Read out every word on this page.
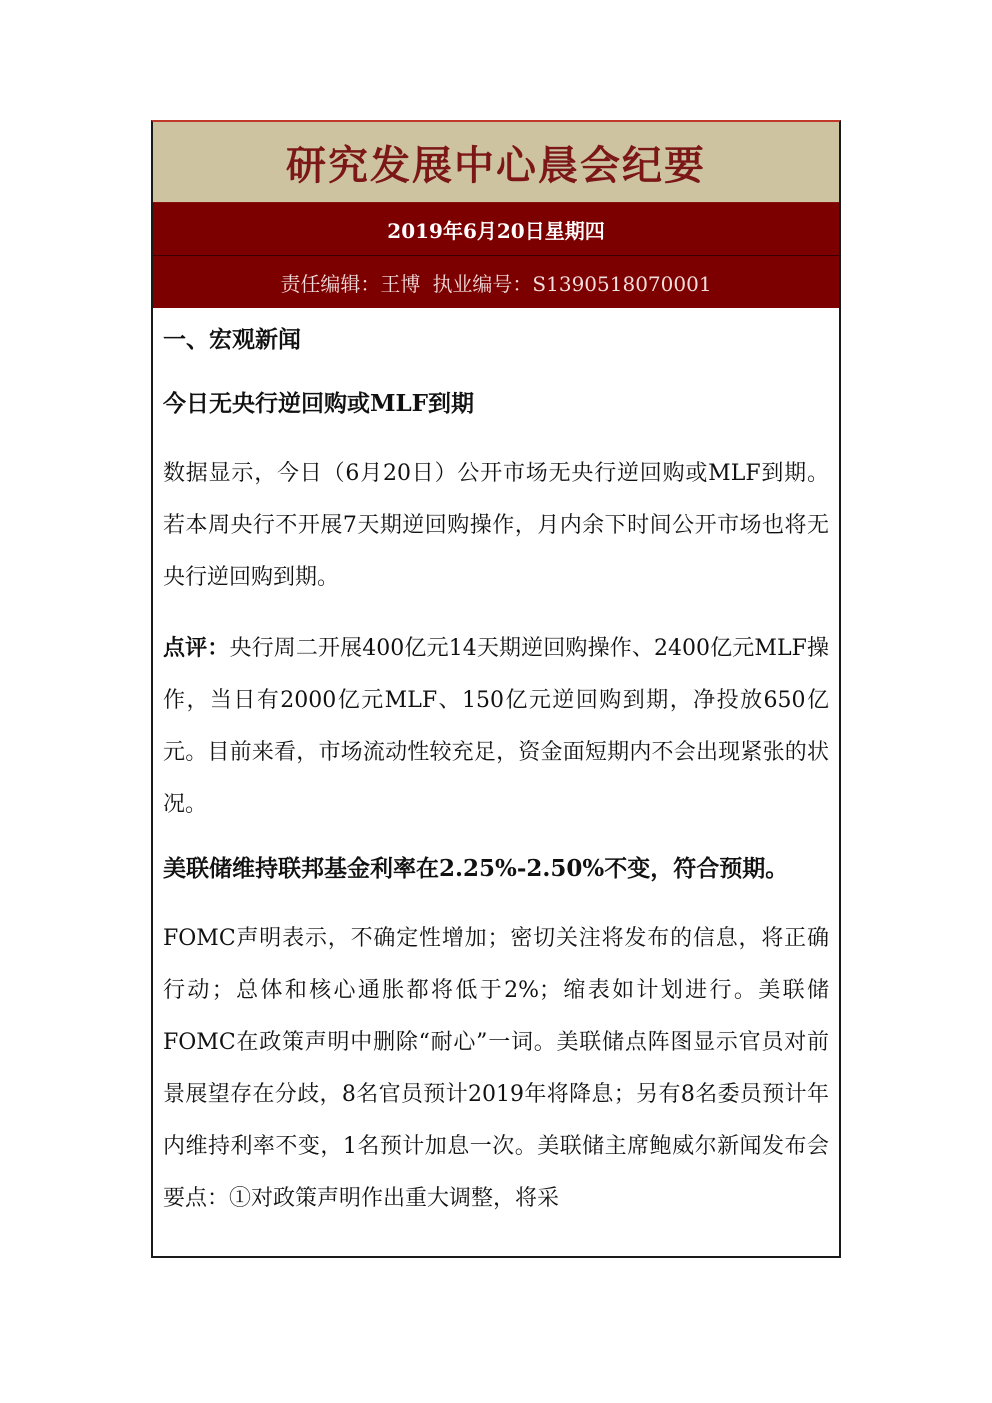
研究发展中心晨会纪要
2019年6月20日星期四
责任编辑：王博 执业编号：S1390518070001
一、宏观新闻
今日无央行逆回购或MLF到期

数据显示，今日（6月20日）公开市场无央行逆回购或MLF到期。若本周央行不开展7天期逆回购操作，月内余下时间公开市场也将无央行逆回购到期。

点评：央行周二开展400亿元14天期逆回购操作、2400亿元MLF操作，当日有2000亿元MLF、150亿元逆回购到期，净投放650亿元。目前来看，市场流动性较充足，资金面短期内不会出现紧张的状况。

美联储维持联邦基金利率在2.25%-2.50%不变，符合预期。

FOMC声明表示，不确定性增加；密切关注将发布的信息，将正确行动；总体和核心通胀都将低于2%；缩表如计划进行。美联储FOMC在政策声明中删除“耐心”一词。美联储点阵图显示官员对前景展望存在分歧，8名官员预计2019年将降息；另有8名委员预计年内维持利率不变，1名预计加息一次。美联储主席鲍威尔新闻发布会要点：①对政策声明作出重大调整，将采
